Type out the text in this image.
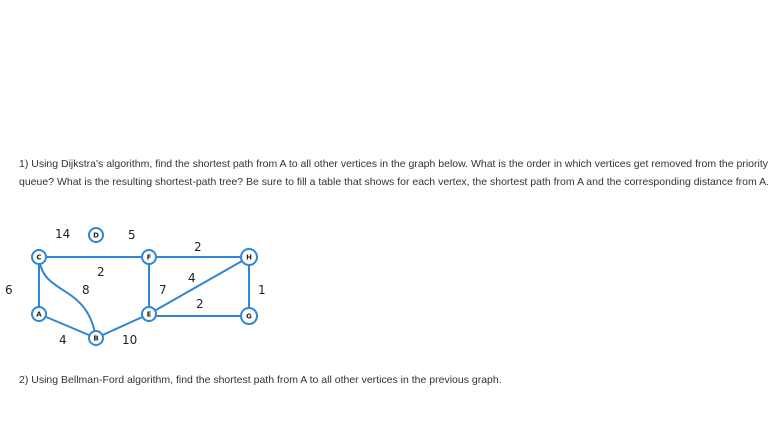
1) Using Dijkstra's algorithm, find the shortest path from A to all other vertices in the graph below. What is the order in which vertices get removed from the priority queue? What is the resulting shortest-path tree? Be sure to fill a table that shows for each vertex, the shortest path from A and the corresponding distance from A.
14	5
2
6	8
2
7
4
2
1
4	10
C
D
F	H
A	E	G
B
2) Using Bellman-Ford algorithm, find the shortest path from A to all other vertices in the previous graph.
